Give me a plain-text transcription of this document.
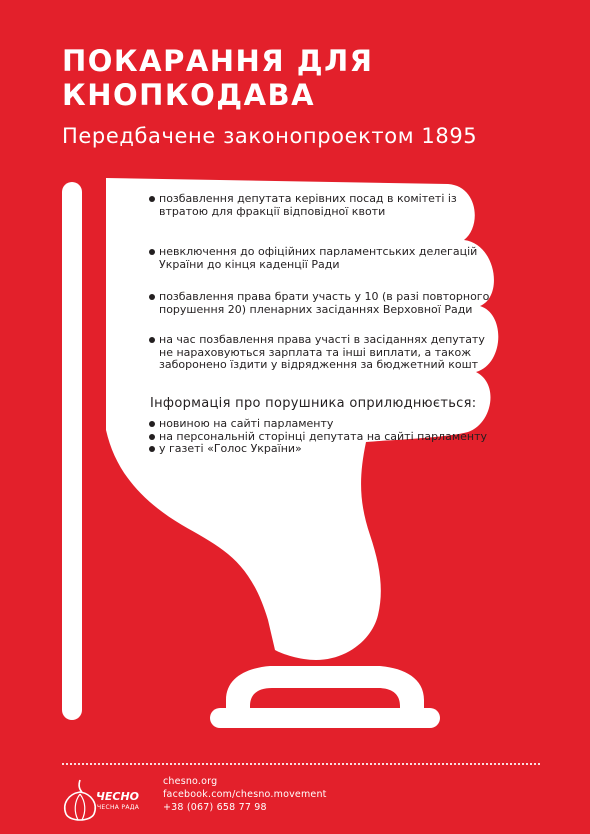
ПОКАРАННЯ ДЛЯ
КНОПКОДАВА
Передбачене законопроектом 1895

позбавлення депутата керівних посад в комітеті із втратою для фракції відповідної квоти

невключення до офіційних парламентських делегацій України до кінця каденції Ради

позбавлення права брати участь у 10 (в разі повторного порушення 20) пленарних засіданнях Верховної Ради

на час позбавлення права участі в засіданнях депутату не нараховуються зарплата та інші виплати, а також заборонено їздити у відрядження за бюджетний кошт

Інформація про порушника оприлюднюється:

новиною на сайті парламенту

на персональній сторінці депутата на сайті парламенту

у газеті «Голос України»

ЧЕСНО
ЧЕСНА РАДА
chesno.org
facebook.com/chesno.movement
+38 (067) 658 77 98
